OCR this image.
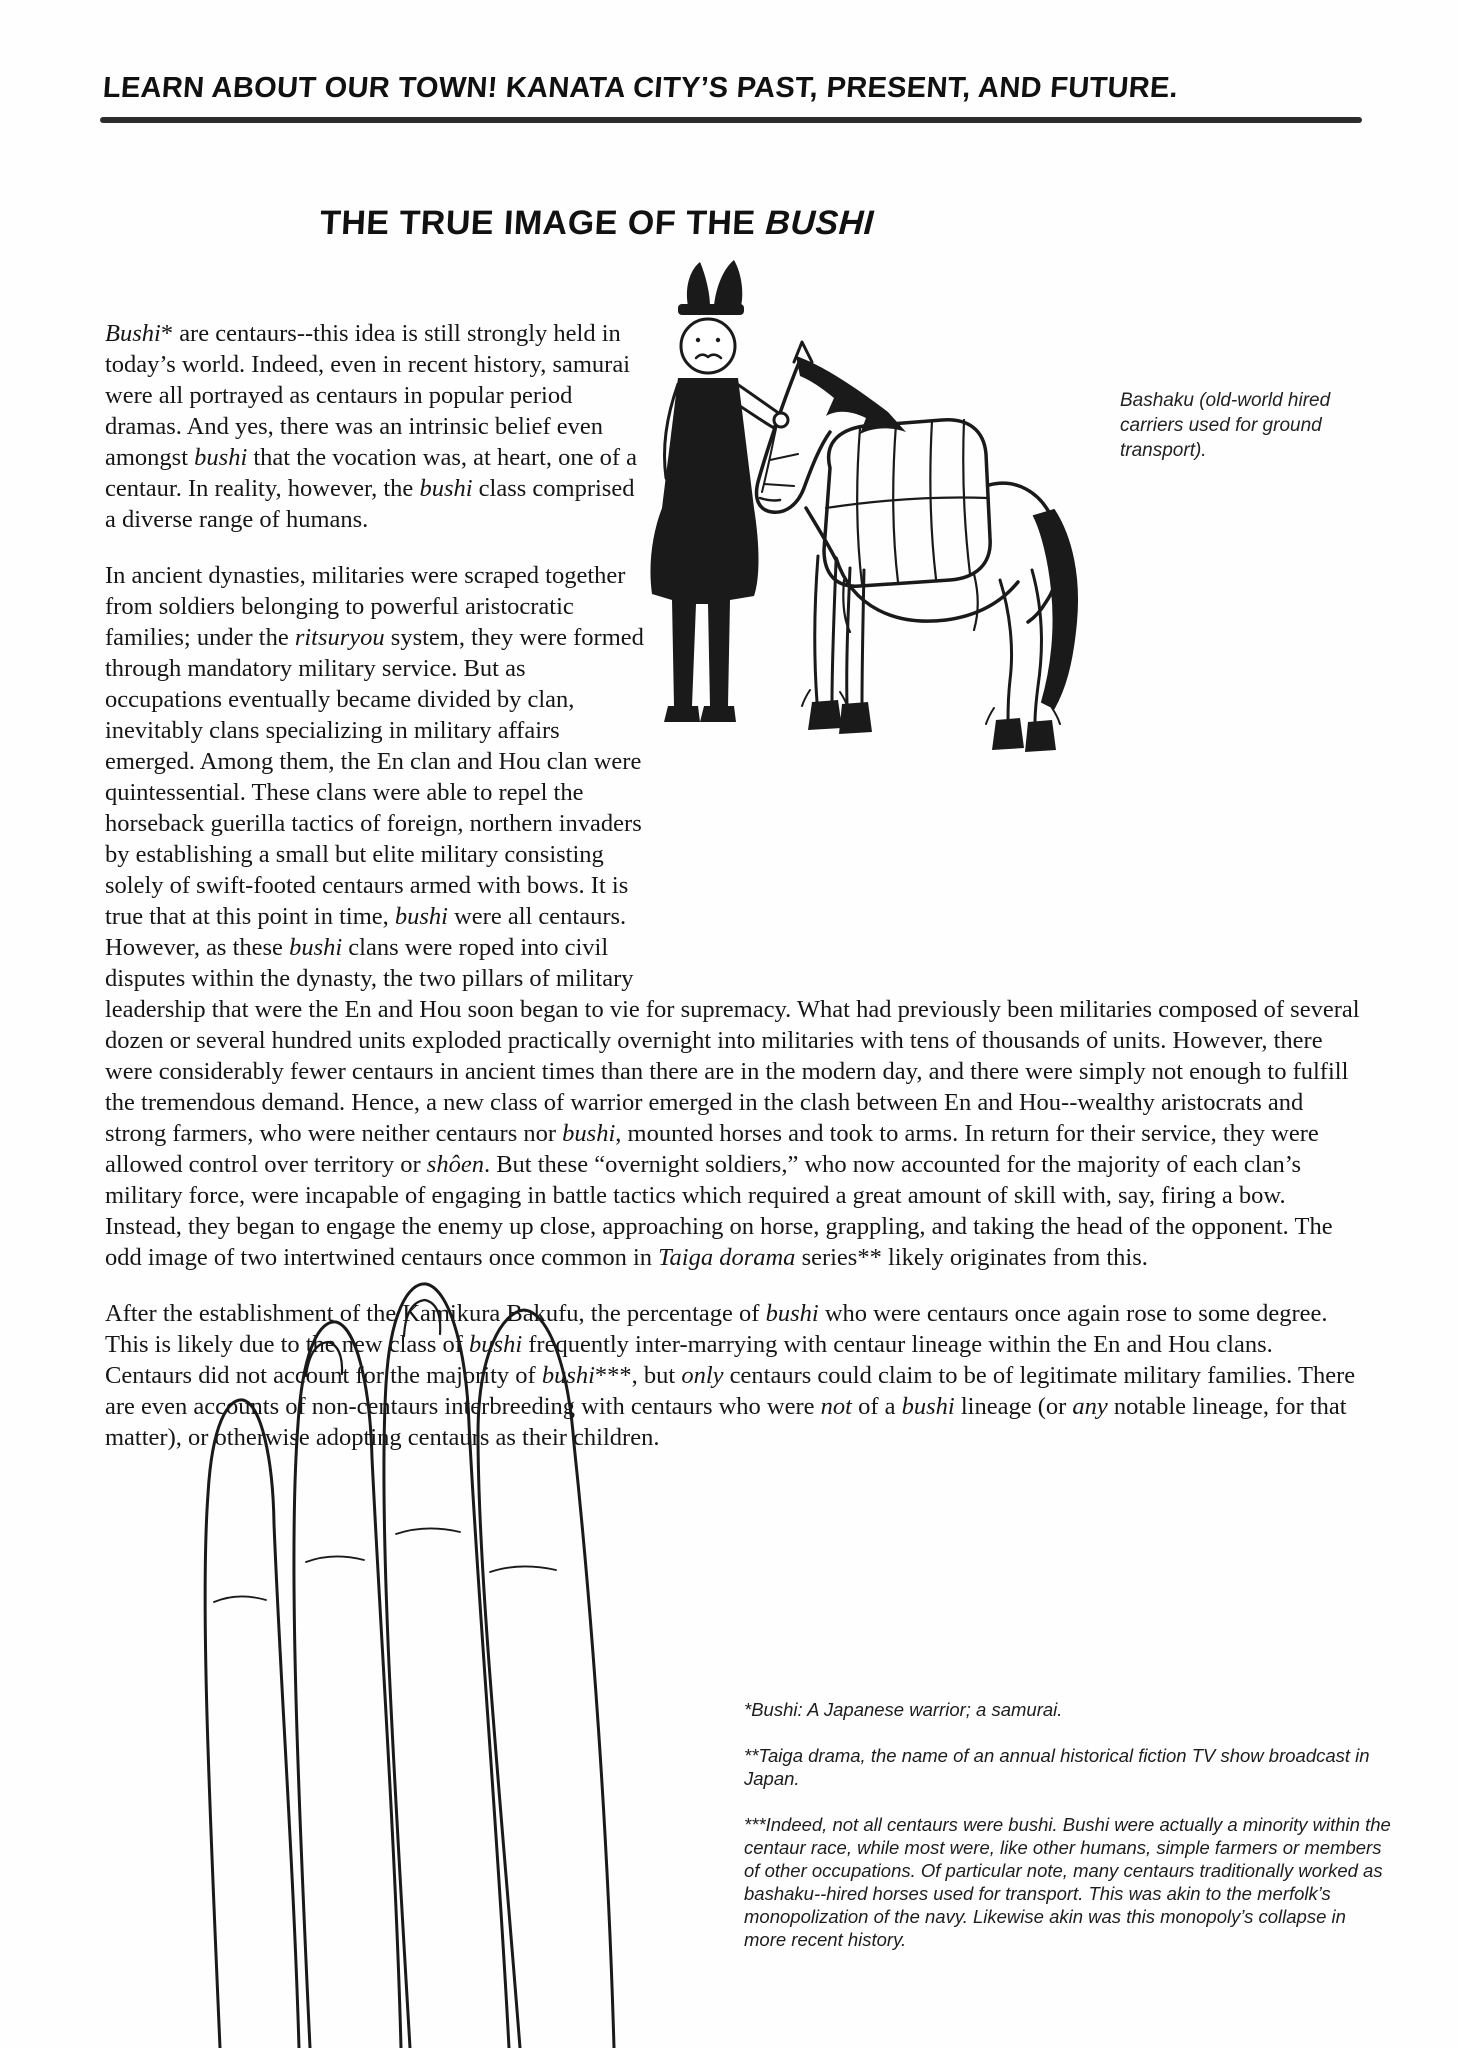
LEARN ABOUT OUR TOWN! KANATA CITY’S PAST, PRESENT, AND FUTURE.
THE TRUE IMAGE OF THE BUSHI
Bashaku (old-world hired carriers used for ground transport).

Bushi* are centaurs--this idea is still strongly held in today’s world. Indeed, even in recent history, samurai were all portrayed as centaurs in popular period dramas. And yes, there was an intrinsic belief even amongst bushi that the vocation was, at heart, one of a centaur. In reality, however, the bushi class comprised a diverse range of humans.

In ancient dynasties, militaries were scraped together from soldiers belonging to powerful aristocratic families; under the ritsuryou system, they were formed through mandatory military service. But as occupations eventually became divided by clan, inevitably clans specializing in military affairs emerged. Among them, the En clan and Hou clan were quintessential. These clans were able to repel the horseback guerilla tactics of foreign, northern invaders by establishing a small but elite military consisting solely of swift-footed centaurs armed with bows. It is true that at this point in time, bushi were all centaurs. However, as these bushi clans were roped into civil disputes within the dynasty, the two pillars of military leadership that were the En and Hou soon began to vie for supremacy. What had previously been militaries composed of several dozen or several hundred units exploded practically overnight into militaries with tens of thousands of units. However, there were considerably fewer centaurs in ancient times than there are in the modern day, and there were simply not enough to fulfill the tremendous demand. Hence, a new class of warrior emerged in the clash between En and Hou--wealthy aristocrats and strong farmers, who were neither centaurs nor bushi, mounted horses and took to arms. In return for their service, they were allowed control over territory or shôen. But these “overnight soldiers,” who now accounted for the majority of each clan’s military force, were incapable of engaging in battle tactics which required a great amount of skill with, say, firing a bow. Instead, they began to engage the enemy up close, approaching on horse, grappling, and taking the head of the opponent. The odd image of two intertwined centaurs once common in Taiga dorama series** likely originates from this.

After the establishment of the Kamikura Bakufu, the percentage of bushi who were centaurs once again rose to some degree. This is likely due to the new class of bushi frequently inter-marrying with centaur lineage within the En and Hou clans. Centaurs did not account for the majority of bushi***, but only centaurs could claim to be of legitimate military families. There are even accounts of non-centaurs interbreeding with centaurs who were not of a bushi lineage (or any notable lineage, for that matter), or otherwise adopting centaurs as their children.

*Bushi: A Japanese warrior; a samurai.

**Taiga drama, the name of an annual historical fiction TV show broadcast in Japan.

***Indeed, not all centaurs were bushi. Bushi were actually a minority within the centaur race, while most were, like other humans, simple farmers or members of other occupations. Of particular note, many centaurs traditionally worked as bashaku--hired horses used for transport. This was akin to the merfolk’s monopolization of the navy. Likewise akin was this monopoly’s collapse in more recent history.
